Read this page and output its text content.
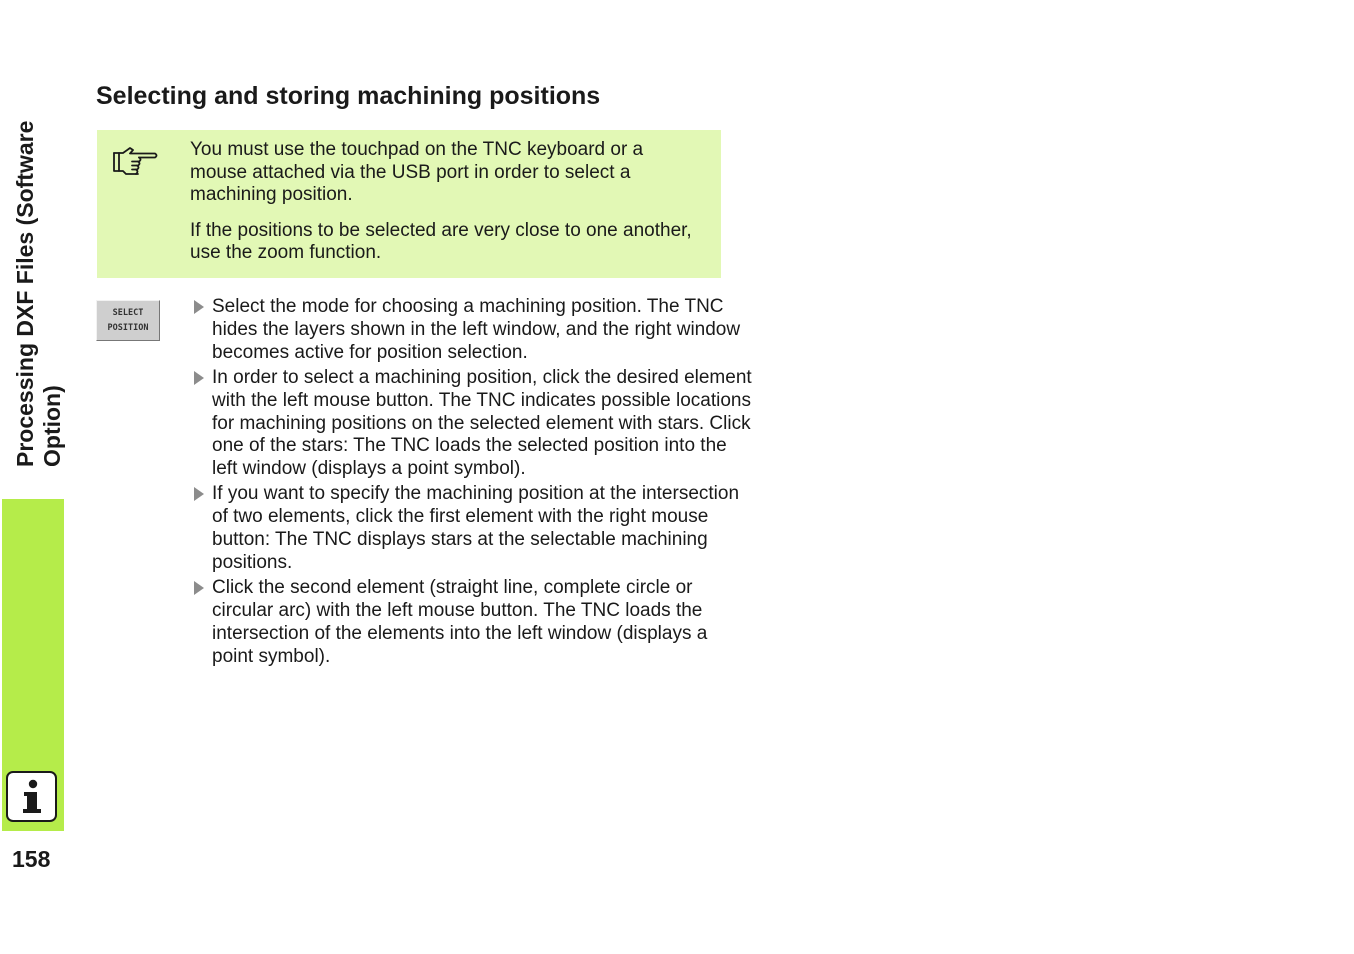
Processing DXF Files (Software Option)
158
Selecting and storing machining positions

You must use the touchpad on the TNC keyboard or a mouse attached via the USB port in order to select a machining position.

If the positions to be selected are very close to one another, use the zoom function.

SELECT
POSITION
Select the mode for choosing a machining position. The TNC hides the layers shown in the left window, and the right window becomes active for position selection.
In order to select a machining position, click the desired element with the left mouse button. The TNC indicates possible locations for machining positions on the selected element with stars. Click one of the stars: The TNC loads the selected position into the left window (displays a point symbol).
If you want to specify the machining position at the intersection of two elements, click the first element with the right mouse button: The TNC displays stars at the selectable machining positions.
Click the second element (straight line, complete circle or circular arc) with the left mouse button. The TNC loads the intersection of the elements into the left window (displays a point symbol).
